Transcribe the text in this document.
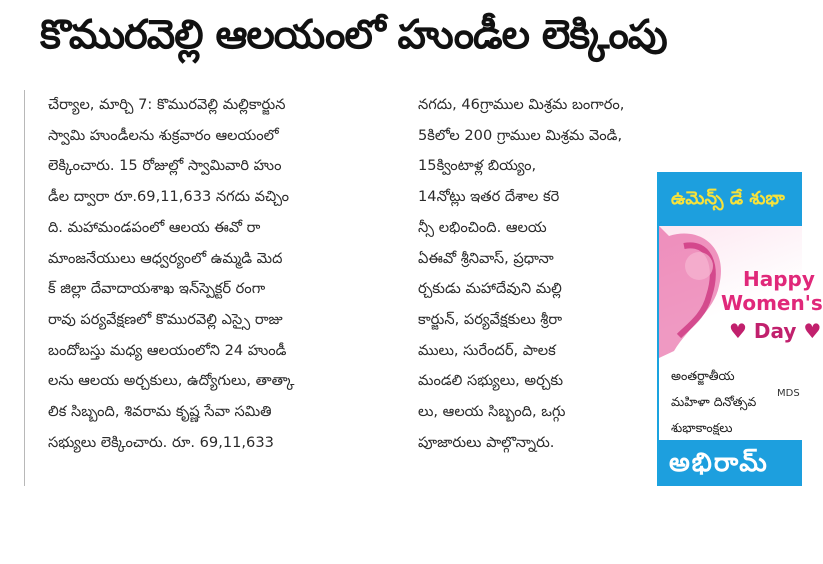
కొమురవెల్లి ఆలయంలో హుండీల లెక్కింపు
చేర్యాల, మార్చి 7: కొమురవెల్లి మల్లికార్జున
స్వామి హుండీలను శుక్రవారం ఆలయంలో
లెక్కించారు. 15 రోజుల్లో స్వామివారి హుం
డీల ద్వారా రూ.69,11,633 నగదు వచ్చిం
ది. మహామండపంలో ఆలయ ఈవో రా
మాంజనేయులు ఆధ్వర్యంలో ఉమ్మడి మెద
క్ జిల్లా దేవాదాయశాఖ ఇన్‌స్పెక్టర్ రంగా
రావు పర్యవేక్షణలో కొమురవెల్లి ఎస్సై రాజు
బందోబస్తు మధ్య ఆలయంలోని 24 హుండీ
లను ఆలయ అర్చకులు, ఉద్యోగులు, తాత్కా
లిక సిబ్బంది, శివరామ కృష్ణ సేవా సమితి
సభ్యులు లెక్కించారు. రూ. 69,11,633
నగదు, 46గ్రాముల మిశ్రమ బంగారం,
5కిలోల 200 గ్రాముల మిశ్రమ వెండి,
15క్వింటాళ్ల బియ్యం,
14నోట్లు ఇతర దేశాల కరె
న్సీ లభించింది. ఆలయ
ఏఈవో శ్రీనివాస్, ప్రధానా
ర్చకుడు మహాదేవుని మల్లి
కార్జున్, పర్యవేక్షకులు శ్రీరా
ములు, సురేందర్, పాలక
మండలి సభ్యులు, అర్చకు
లు, ఆలయ సిబ్బంది, ఒగ్గు
పూజారులు పాల్గొన్నారు.
ఉమెన్స్ డే శుభా
Happy
Women's
♥ Day ♥
అంతర్జాతీయ
MDS
మహిళా దినోత్సవ
శుభాకాంక్షలు
అభిరామ్
